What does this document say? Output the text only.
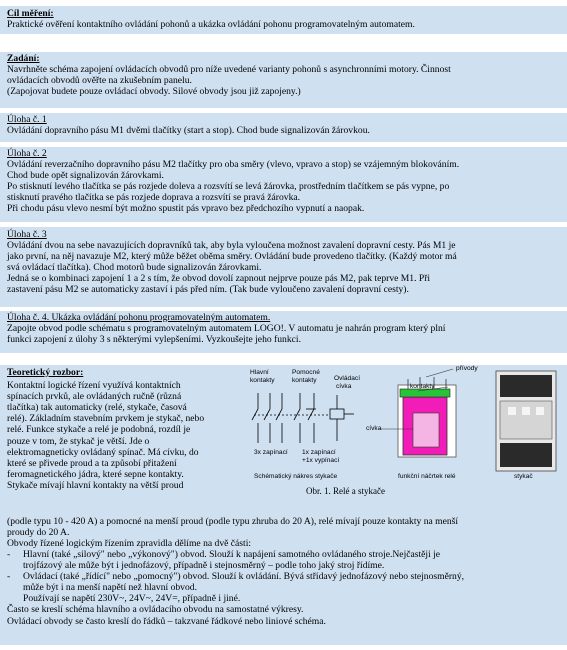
Cíl měření:
Praktické ověření kontaktního ovládání pohonů a ukázka ovládání pohonu programovatelným automatem.
Zadání:
Navrhněte schéma zapojení ovládacích obvodů pro níže uvedené varianty pohonů s asynchronními motory. Činnost
ovládacích obvodů ověřte na zkušebním panelu.
(Zapojovat budete pouze ovládací obvody. Silové obvody jsou již zapojeny.)
Úloha č. 1
Ovládání dopravního pásu M1 dvěmi tlačítky (start a stop). Chod bude signalizován žárovkou.
Úloha č. 2
Ovládání reverzačního dopravního pásu M2 tlačítky pro oba směry (vlevo, vpravo a stop) se vzájemným blokováním.
Chod bude opět signalizován žárovkami.
Po stisknutí levého tlačítka se pás rozjede doleva a rozsvítí se levá žárovka, prostředním tlačítkem se pás vypne, po
stisknutí pravého tlačítka se pás rozjede doprava a rozsvítí se pravá žárovka.
Při chodu pásu vlevo nesmí být možno spustit pás vpravo bez předchozího vypnutí a naopak.
Úloha č. 3
Ovládání dvou na sebe navazujících dopravníků tak, aby byla vyloučena možnost zavalení dopravní cesty. Pás M1 je
jako první, na něj navazuje M2, který může běžet oběma směry. Ovládání bude provedeno tlačítky. (Každý motor má
svá ovládací tlačítka). Chod motorů bude signalizován žárovkami.
Jedná se o kombinaci zapojení 1 a 2 s tím, že obvod dovolí zapnout nejprve pouze pás M2, pak teprve M1. Při
zastavení pásu M2 se automaticky zastaví i pás před ním. (Tak bude vyloučeno zavalení dopravní cesty).
Úloha č. 4. Ukázka ovládání pohonu programovatelným automatem.
Zapojte obvod podle schématu s programovatelným automatem LOGO!. V automatu je nahrán program který plní
funkci zapojení z úlohy 3 s některými vylepšeními. Vyzkoušejte jeho funkci.
Teoretický rozbor:
Kontaktní logické řízení využívá kontaktních
spínacích prvků, ale ovládaných ručně (různá
tlačítka) tak automaticky (relé, stykače, časová
relé). Základním stavebním prvkem je stykač, nebo
relé. Funkce stykače a relé je podobná, rozdíl je
pouze v tom, že stykač je větší. Jde o
elektromagneticky ovládaný spínač. Má cívku, do
které se přivede proud a ta způsobí přitažení
feromagnetického jádra, které sepne kontakty.
Stykače mívají hlavní kontakty na větší proud
(podle typu 10 - 420 A) a pomocné na menší proud (podle typu zhruba do 20 A), relé mívají pouze kontakty na menší
proudy do 20 A.
Obvody řízené logickým řízením zpravidla dělíme na dvě části:
- Hlavní (také „silový" nebo „výkonový") obvod. Slouží k napájení samotného ovládaného stroje.Nejčastěji je
trojfázový ale může být i jednofázový, případně i stejnosměrný – podle toho jaký stroj řídíme.
- Ovládací (také „řídící" nebo „pomocný") obvod. Slouží k ovládání. Bývá střídavý jednofázový nebo stejnosměrný,
může být i na menší napětí než hlavní obvod.
Používají se napětí 230V~, 24V~, 24V=, případně i jiné.
Často se kreslí schéma hlavního a ovládacího obvodu na samostatné výkresy.
Ovládací obvody se často kreslí do řádků – takzvané řádkové nebo liniové schéma.
Hlavní
kontakty
Pomocné
kontakty	Ovládací
cívka
3x zapínací 1x zapínací
+1x vypínací
Schématický nákres stykače
přívody
kontakty
cívka
funkční náčrtek relé	stykač
Obr. 1. Relé a stykače
